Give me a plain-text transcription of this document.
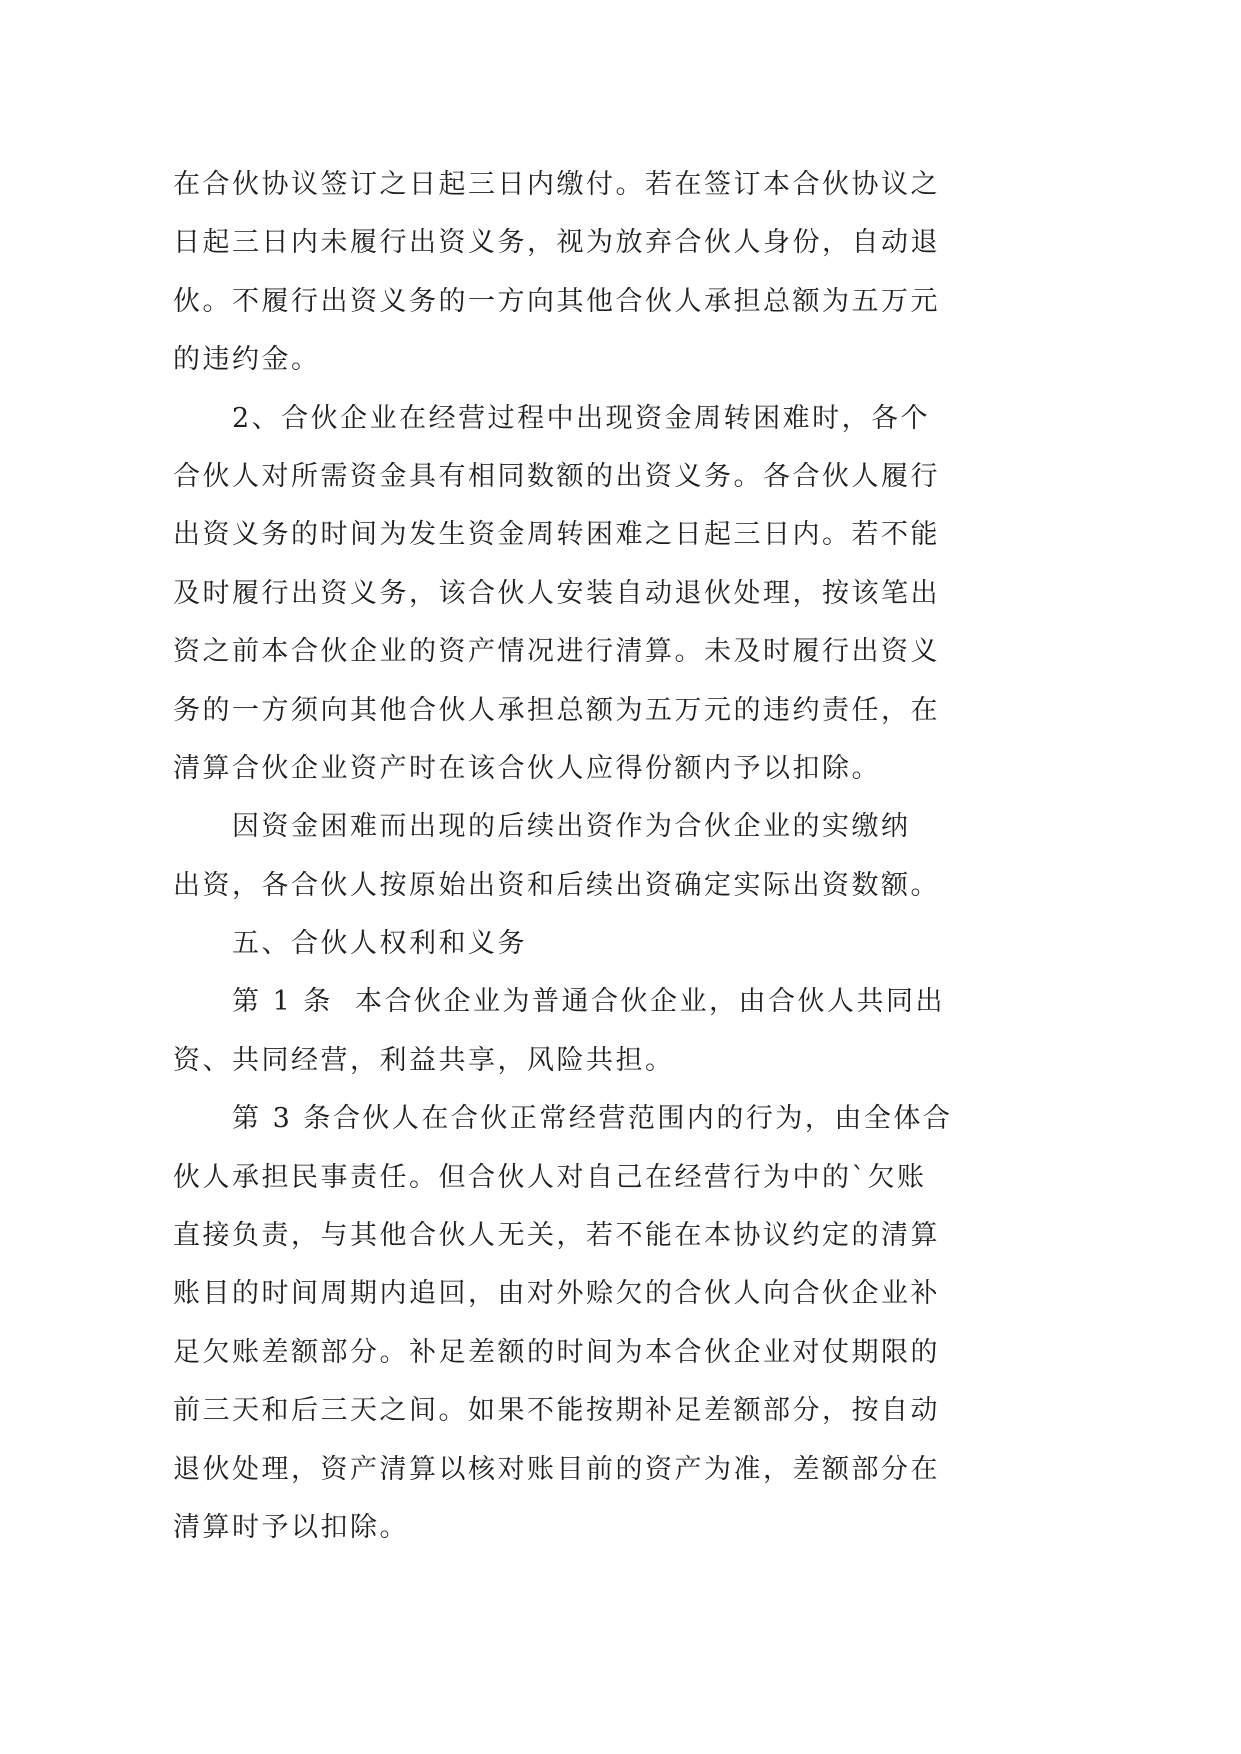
在合伙协议签订之日起三日内缴付。若在签订本合伙协议之
日起三日内未履行出资义务，视为放弃合伙人身份，自动退
伙。不履行出资义务的一方向其他合伙人承担总额为五万元
的违约金。
2、合伙企业在经营过程中出现资金周转困难时，各个
合伙人对所需资金具有相同数额的出资义务。各合伙人履行
出资义务的时间为发生资金周转困难之日起三日内。若不能
及时履行出资义务，该合伙人安装自动退伙处理，按该笔出
资之前本合伙企业的资产情况进行清算。未及时履行出资义
务的一方须向其他合伙人承担总额为五万元的违约责任，在
清算合伙企业资产时在该合伙人应得份额内予以扣除。
因资金困难而出现的后续出资作为合伙企业的实缴纳
出资，各合伙人按原始出资和后续出资确定实际出资数额。
五、合伙人权利和义务
第 1 条  本合伙企业为普通合伙企业，由合伙人共同出
资、共同经营，利益共享，风险共担。
第 3 条合伙人在合伙正常经营范围内的行为，由全体合
伙人承担民事责任。但合伙人对自己在经营行为中的`欠账
直接负责，与其他合伙人无关，若不能在本协议约定的清算
账目的时间周期内追回，由对外赊欠的合伙人向合伙企业补
足欠账差额部分。补足差额的时间为本合伙企业对仗期限的
前三天和后三天之间。如果不能按期补足差额部分，按自动
退伙处理，资产清算以核对账目前的资产为准，差额部分在
清算时予以扣除。
